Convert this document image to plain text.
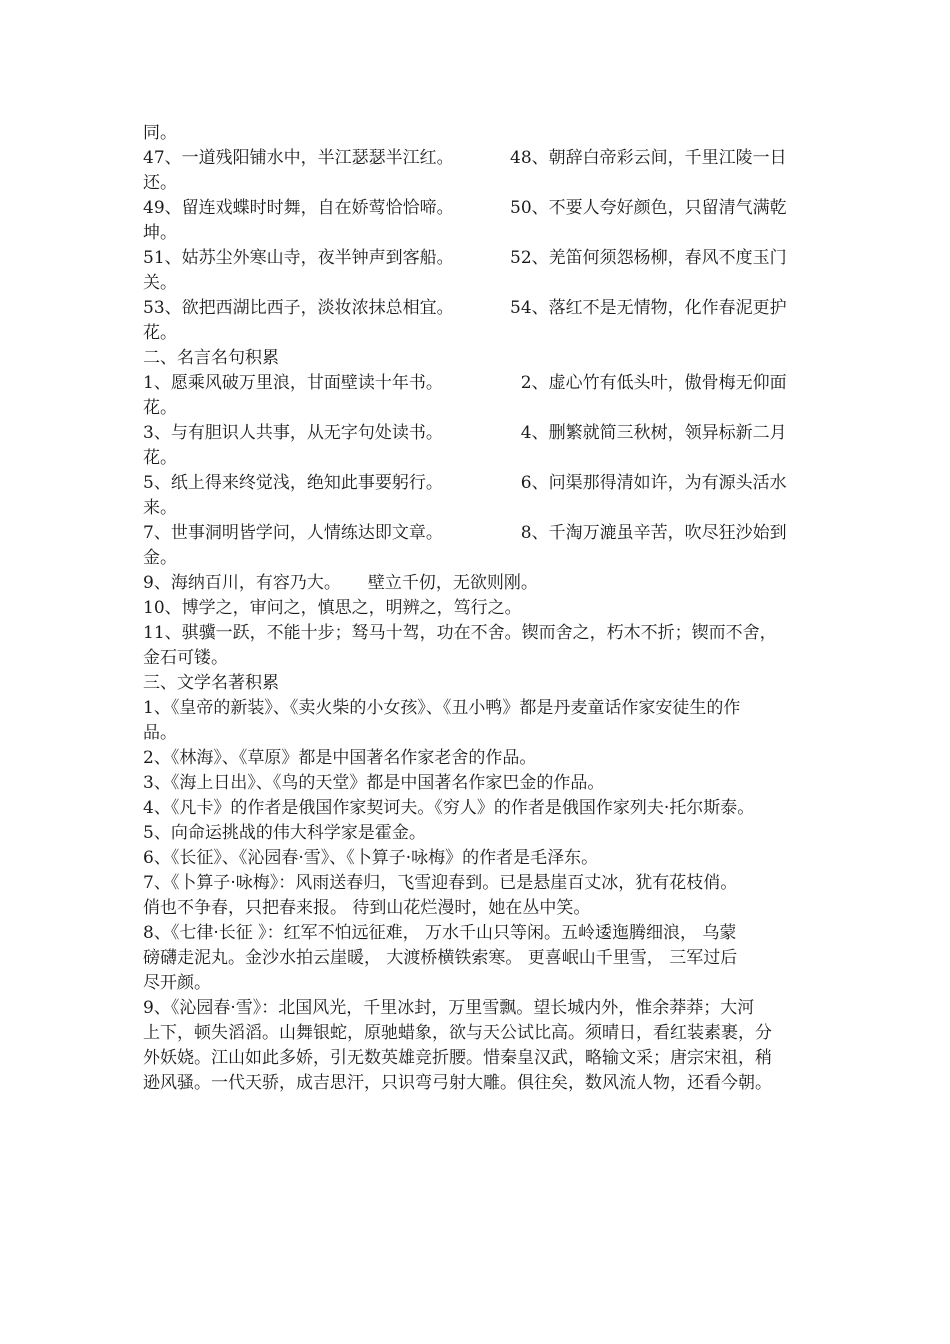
同。
47、一道残阳铺水中，半江瑟瑟半江红。	48、朝辞白帝彩云间，千里江陵一日
还。
49、留连戏蝶时时舞，自在娇莺恰恰啼。	50、不要人夸好颜色，只留清气满乾
坤。
51、姑苏尘外寒山寺，夜半钟声到客船。	52、羌笛何须怨杨柳，春风不度玉门
关。
53、欲把西湖比西子，淡妆浓抹总相宜。	54、落红不是无情物，化作春泥更护
花。
二、名言名句积累
1、愿乘风破万里浪，甘面壁读十年书。	2、虚心竹有低头叶，傲骨梅无仰面
花。
3、与有胆识人共事，从无字句处读书。	4、删繁就简三秋树，领异标新二月
花。
5、纸上得来终觉浅，绝知此事要躬行。	6、问渠那得清如许，为有源头活水
来。
7、世事洞明皆学问，人情练达即文章。	8、千淘万漉虽辛苦，吹尽狂沙始到
金。
9、海纳百川，有容乃大。     壁立千仞，无欲则刚。
10、博学之，审问之，慎思之，明辨之，笃行之。
11、骐骥一跃，不能十步；驽马十驾，功在不舍。锲而舍之，朽木不折；锲而不舍，
金石可镂。
三、文学名著积累
1、《皇帝的新装》、《卖火柴的小女孩》、《丑小鸭》都是丹麦童话作家安徒生的作
品。
2、《林海》、《草原》都是中国著名作家老舍的作品。
3、《海上日出》、《鸟的天堂》都是中国著名作家巴金的作品。
4、《凡卡》的作者是俄国作家契诃夫。《穷人》的作者是俄国作家列夫·托尔斯泰。
5、向命运挑战的伟大科学家是霍金。
6、《长征》、《沁园春·雪》、《卜算子·咏梅》的作者是毛泽东。
7、《卜算子·咏梅》：风雨送春归，飞雪迎春到。已是悬崖百丈冰，犹有花枝俏。
俏也不争春，只把春来报。 待到山花烂漫时，她在丛中笑。
8、《七律·长征 》：红军不怕远征难， 万水千山只等闲。五岭逶迤腾细浪， 乌蒙
磅礴走泥丸。金沙水拍云崖暖， 大渡桥横铁索寒。 更喜岷山千里雪， 三军过后
尽开颜。
9、《沁园春·雪》：北国风光，千里冰封，万里雪飘。望长城内外，惟余莽莽；大河
上下，顿失滔滔。山舞银蛇，原驰蜡象，欲与天公试比高。须晴日，看红装素裹，分
外妖娆。江山如此多娇，引无数英雄竞折腰。惜秦皇汉武，略输文采；唐宗宋祖，稍
逊风骚。一代天骄，成吉思汗，只识弯弓射大雕。俱往矣，数风流人物，还看今朝。
